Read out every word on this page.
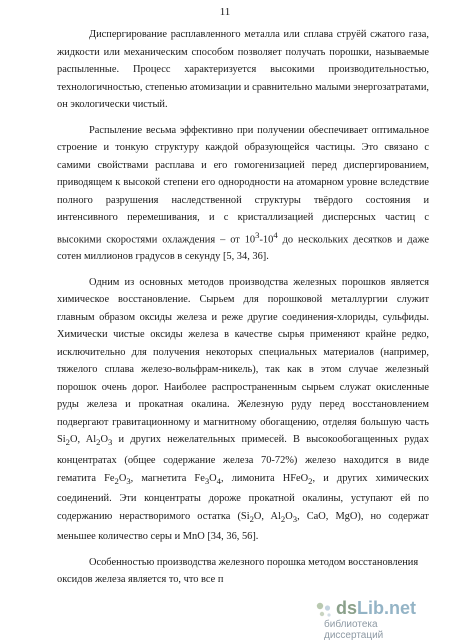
11

Диспергирование расплавленного металла или сплава струёй сжатого газа, жидкости или механическим способом позволяет получать порошки, называемые распыленные. Процесс характеризуется высокими производительностью, технологичностью, степенью атомизации и сравнительно малыми энергозатратами, он экологически чистый.

Распыление весьма эффективно при получении обеспечивает оптимальное строение и тонкую структуру каждой образующейся частицы. Это связано с самими свойствами расплава и его гомогенизацией перед диспергированием, приводящем к высокой степени его однородности на атомарном уровне вследствие полного разрушения наследственной структуры твёрдого состояния и интенсивного перемешивания, и с кристаллизацией дисперсных частиц с высокими скоростями охлаждения – от $10^3-10^4$ до нескольких десятков и даже сотен миллионов градусов в секунду [5, 34, 36].

Одним из основных методов производства железных порошков является химическое восстановление. Сырьем для порошковой металлургии служит главным образом оксиды железа и реже другие соединения-хлориды, сульфиды. Химически чистые оксиды железа в качестве сырья применяют крайне редко, исключительно для получения некоторых специальных материалов (например, тяжелого сплава железо-вольфрам-никель), так как в этом случае железный порошок очень дорог. Наиболее распространенным сырьем служат окисленные руды железа и прокатная окалина. Железную руду перед восстановлением подвергают гравитационному и магнитному обогащению, отделяя большую часть $Si_2O$, $Al_2O_3$ и других нежелательных примесей. В высокообогащенных рудах концентратах (общее содержание железа 70-72%) железо находится в виде гематита $Fe_2O_3$, магнетита $Fe_3O_4$, лимонита HFeO$_2$, и других химических соединений. Эти концентраты дороже прокатной окалины, уступают ей по содержанию нерастворимого остатка ($Si_2O$, $Al_2O_3$, CaO, MgO), но содержат меньшее количество серы и MnO [34, 36, 56].

Особенностью производства железного порошка методом восстановления оксидов железа является то, что все п

dsLib.net
библиотека диссертаций
